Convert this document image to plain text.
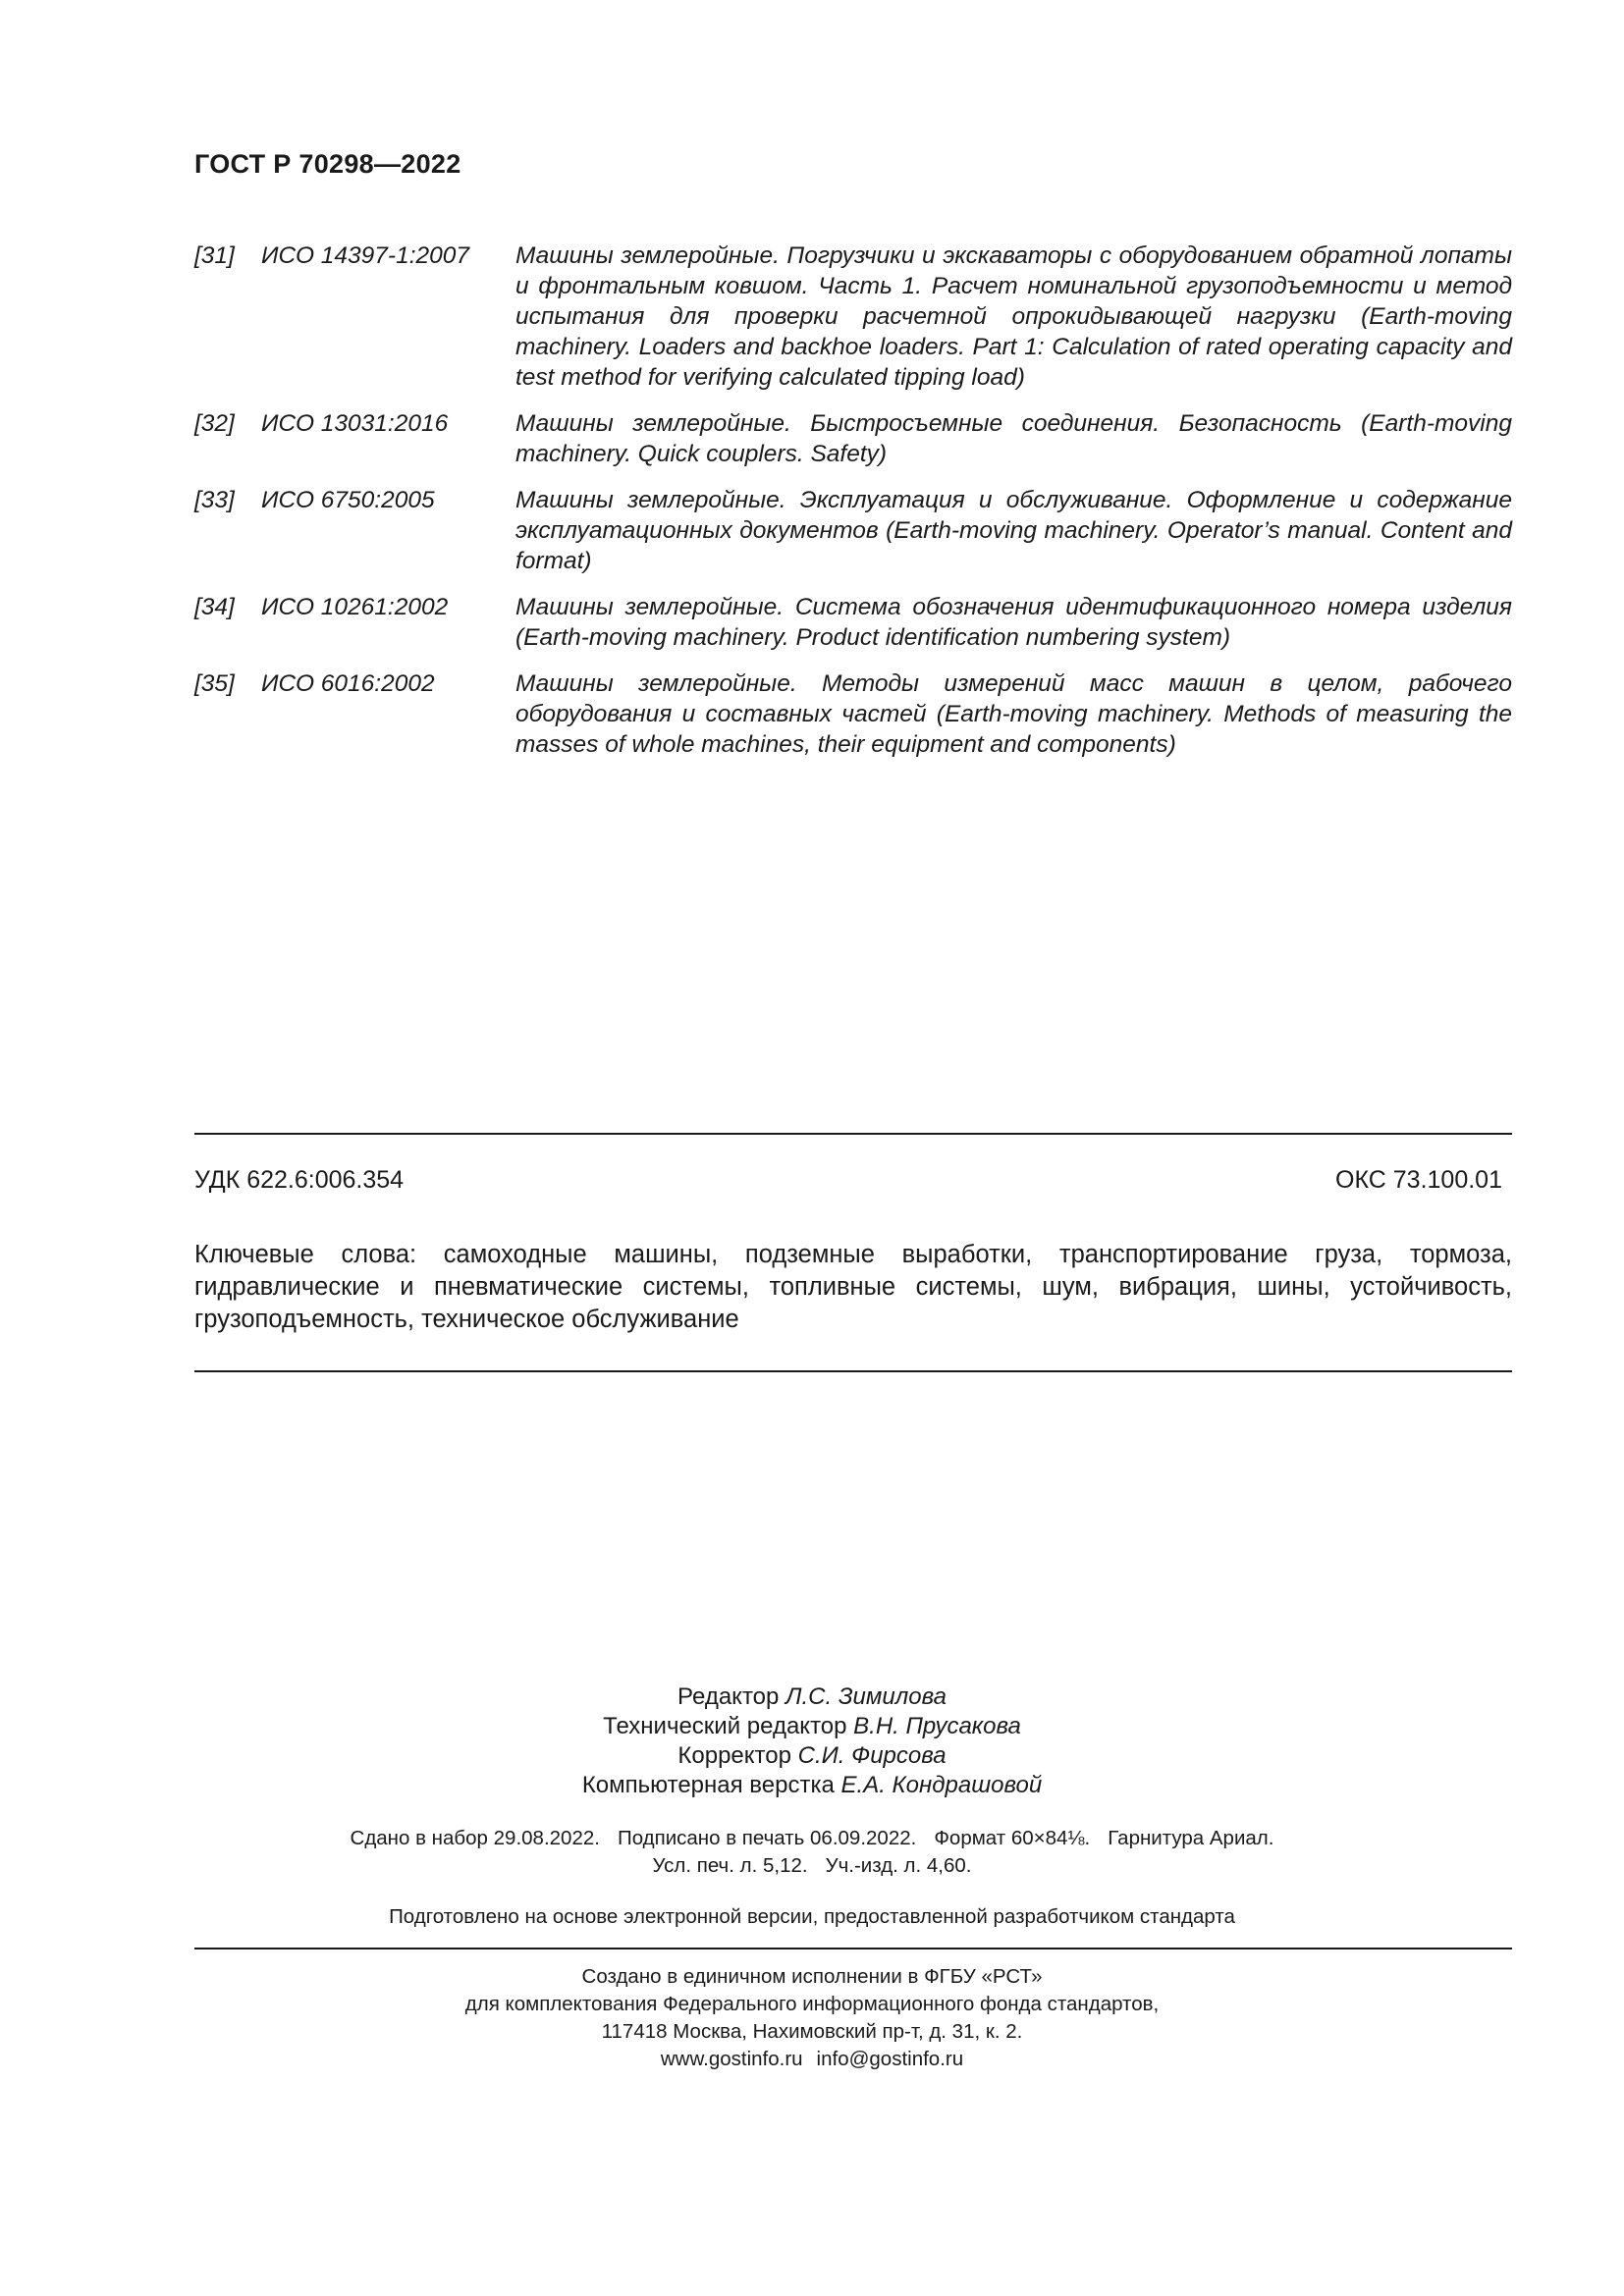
ГОСТ Р 70298—2022
[31] ИСО 14397-1:2007 Машины землеройные. Погрузчики и экскаваторы с оборудованием обратной лопаты и фронтальным ковшом. Часть 1. Расчет номинальной грузоподъемности и метод испытания для проверки расчетной опрокидывающей нагрузки (Earth-moving machinery. Loaders and backhoe loaders. Part 1: Calculation of rated operating capacity and test method for verifying calculated tipping load)
[32] ИСО 13031:2016	Машины землеройные. Быстросъемные соединения. Безопасность (Earth-moving machinery. Quick couplers. Safety)
[33] ИСО 6750:2005	Машины землеройные. Эксплуатация и обслуживание. Оформление и содержание эксплуатационных документов (Earth-moving machinery. Operator’s manual. Content and format)
[34] ИСО 10261:2002	Машины землеройные. Система обозначения идентификационного номера изделия (Earth-moving machinery. Product identification numbering system)
[35] ИСО 6016:2002	Машины землеройные. Методы измерений масс машин в целом, рабочего оборудования и составных частей (Earth-moving machinery. Methods of measuring the masses of whole machines, their equipment and components)
УДК 622.6:006.354	ОКС 73.100.01
Ключевые слова: самоходные машины, подземные выработки, транспортирование груза, тормоза, гидравлические и пневматические системы, топливные системы, шум, вибрация, шины, устойчивость, грузоподъемность, техническое обслуживание
Редактор Л.С. Зимилова
Технический редактор В.Н. Прусакова
Корректор С.И. Фирсова
Компьютерная верстка Е.А. Кондрашовой
Сдано в набор 29.08.2022. Подписано в печать 06.09.2022. Формат 60×84⅛. Гарнитура Ариал.
Усл. печ. л. 5,12. Уч.-изд. л. 4,60.
Подготовлено на основе электронной версии, предоставленной разработчиком стандарта
Создано в единичном исполнении в ФГБУ «РСТ»
для комплектования Федерального информационного фонда стандартов,
117418 Москва, Нахимовский пр-т, д. 31, к. 2.
www.gostinfo.ru info@gostinfo.ru
